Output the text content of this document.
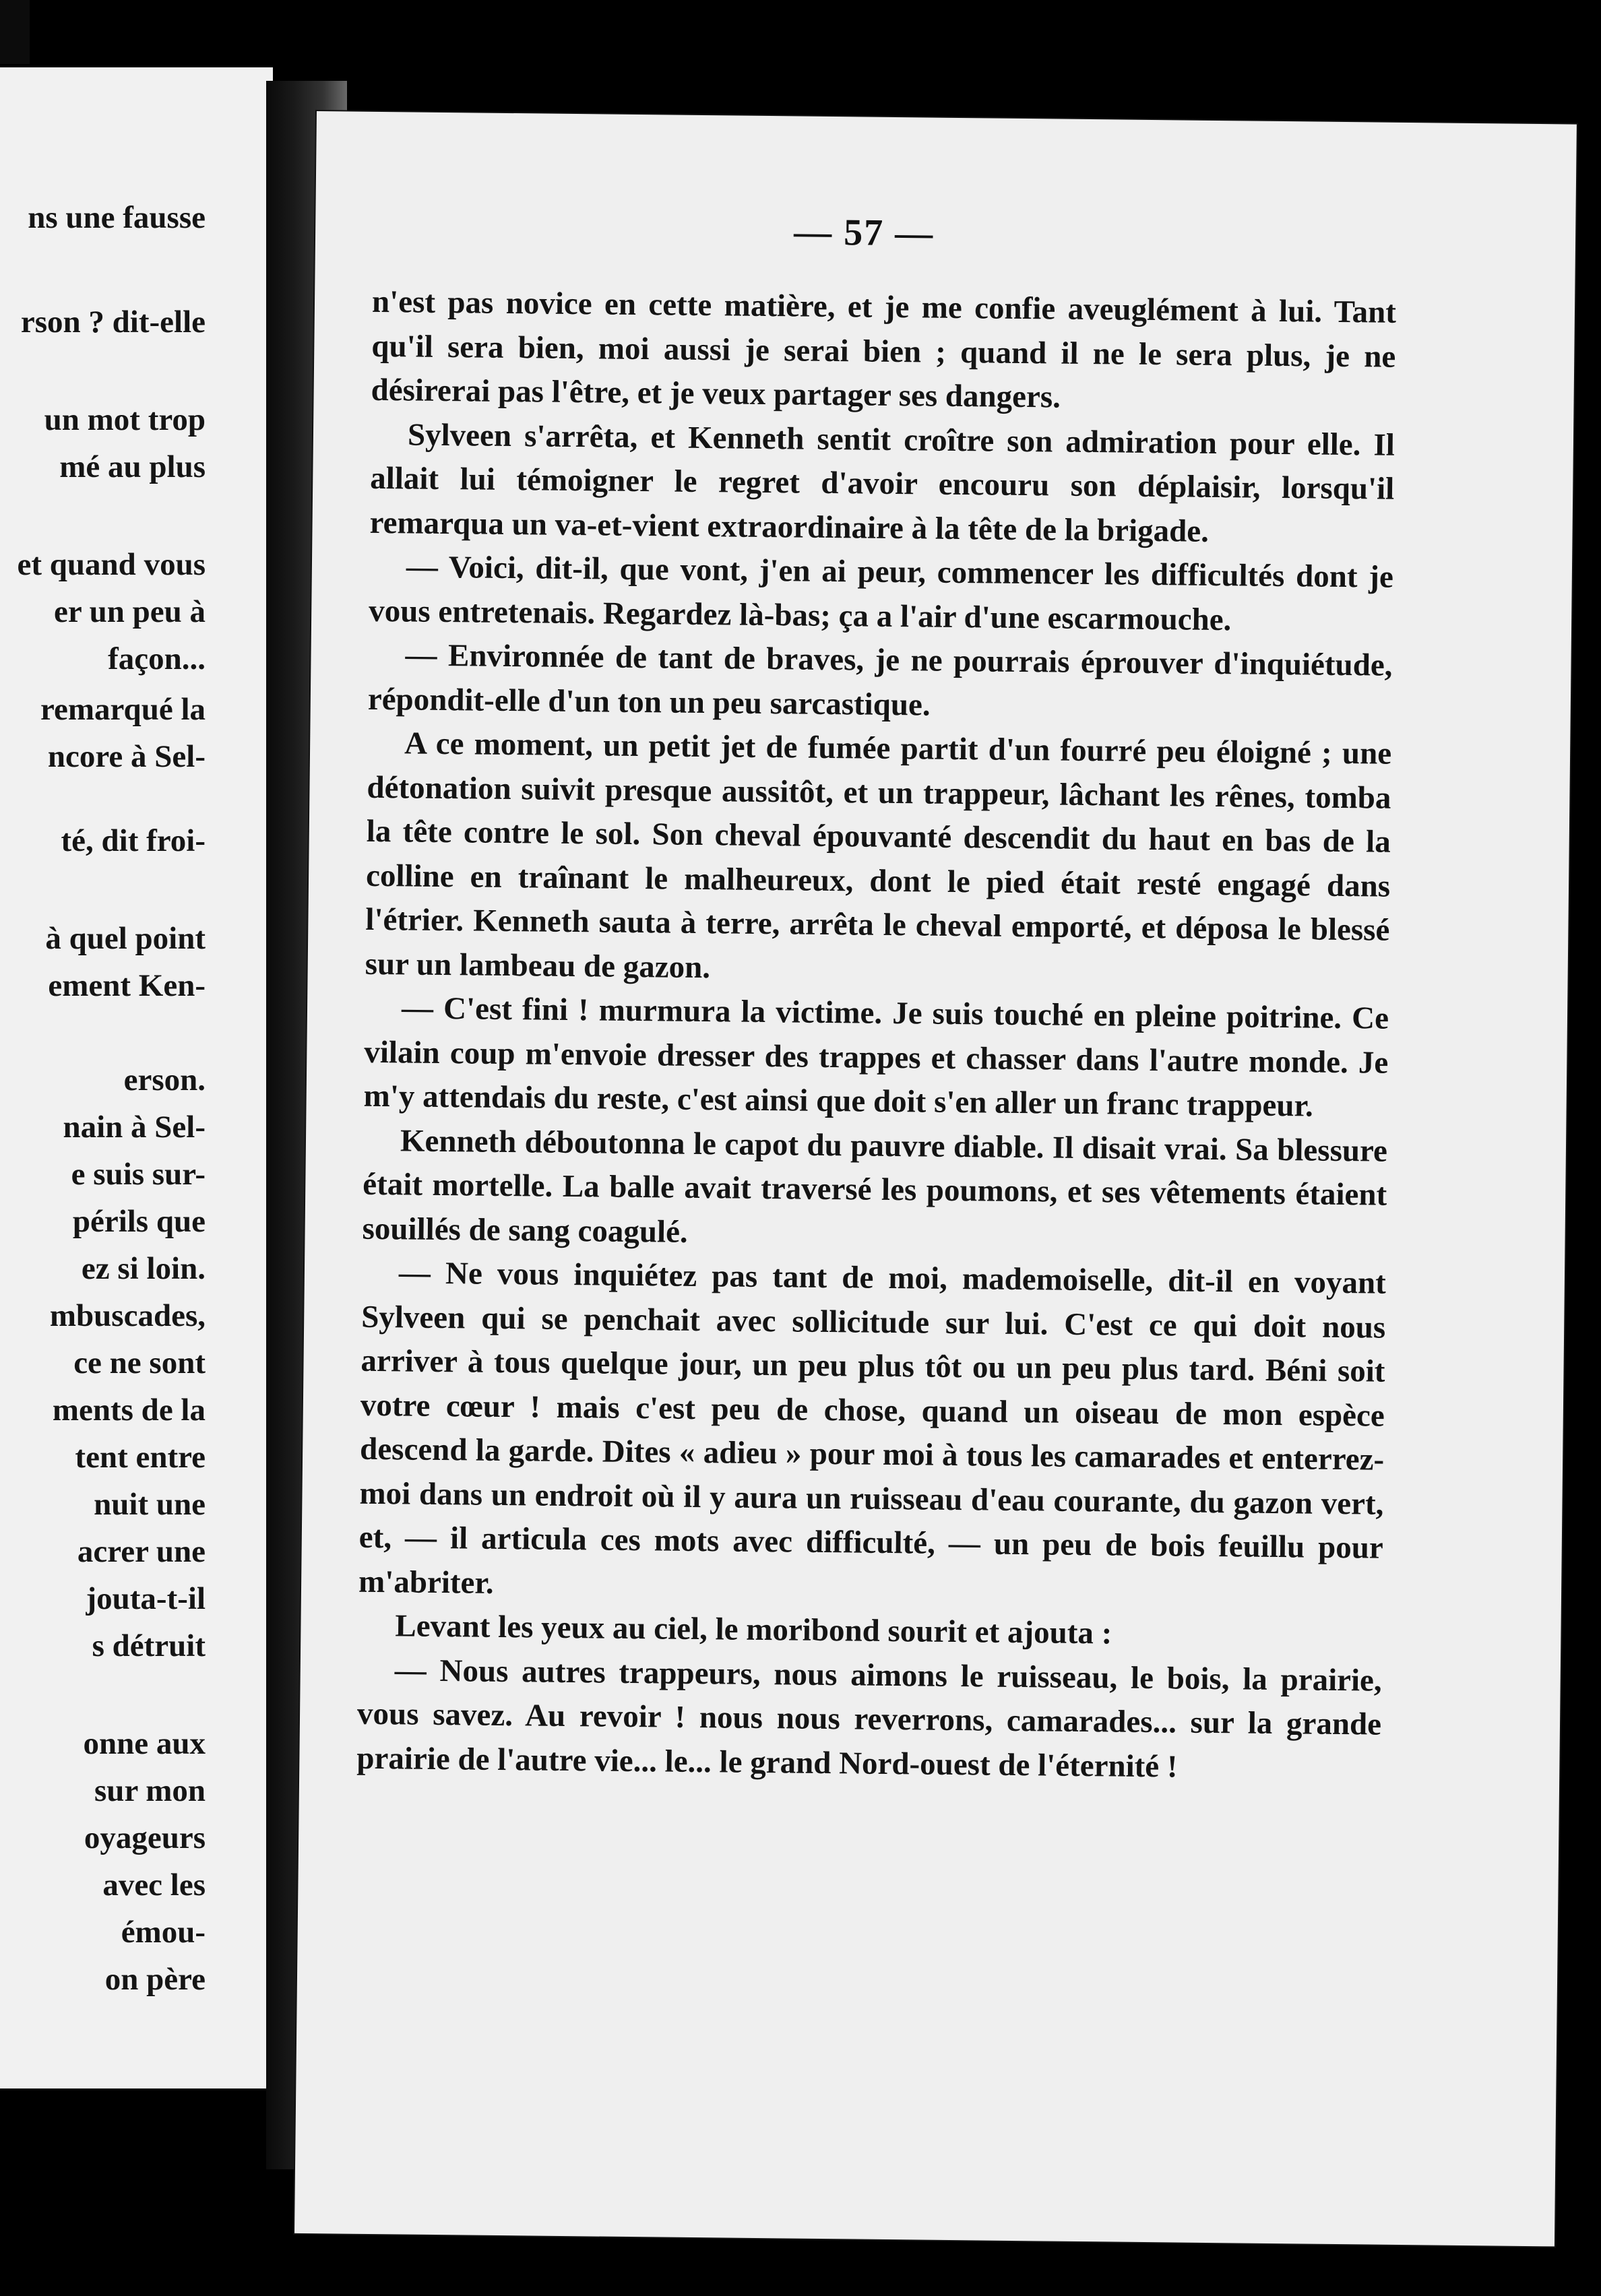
ns une fausse
rson ? dit-elle
un mot trop
mé au plus
et quand vous
er un peu à
façon...
remarqué la
ncore à Sel-
té, dit froi-
à quel point
ement Ken-
erson.
nain à Sel-
e suis sur-
périls que
ez si loin.
mbuscades,
ce ne sont
ments de la
tent entre
nuit une
acrer une
jouta-t-il
s détruit
onne aux
sur mon
oyageurs
avec les
émou-
on père
— 57 —

n'est pas novice en cette matière, et je me confie aveuglément à lui. Tant qu'il sera bien, moi aussi je serai bien ; quand il ne le sera plus, je ne désirerai pas l'être, et je veux partager ses dangers.

Sylveen s'arrêta, et Kenneth sentit croître son admiration pour elle. Il allait lui témoigner le regret d'avoir encouru son déplaisir, lorsqu'il remarqua un va-et-vient extraordinaire à la tête de la brigade.

— Voici, dit-il, que vont, j'en ai peur, commencer les difficultés dont je vous entretenais. Regardez là-bas; ça a l'air d'une escarmouche.

— Environnée de tant de braves, je ne pourrais éprouver d'inquiétude, répondit-elle d'un ton un peu sarcastique.

A ce moment, un petit jet de fumée partit d'un fourré peu éloigné ; une détonation suivit presque aussitôt, et un trappeur, lâchant les rênes, tomba la tête contre le sol. Son cheval épouvanté descendit du haut en bas de la colline en traînant le malheureux, dont le pied était resté engagé dans l'étrier. Kenneth sauta à terre, arrêta le cheval emporté, et déposa le blessé sur un lambeau de gazon.

— C'est fini ! murmura la victime. Je suis touché en pleine poitrine. Ce vilain coup m'envoie dresser des trappes et chasser dans l'autre monde. Je m'y attendais du reste, c'est ainsi que doit s'en aller un franc trappeur.

Kenneth déboutonna le capot du pauvre diable. Il disait vrai. Sa blessure était mortelle. La balle avait traversé les poumons, et ses vêtements étaient souillés de sang coagulé.

— Ne vous inquiétez pas tant de moi, mademoiselle, dit-il en voyant Sylveen qui se penchait avec sollicitude sur lui. C'est ce qui doit nous arriver à tous quelque jour, un peu plus tôt ou un peu plus tard. Béni soit votre cœur ! mais c'est peu de chose, quand un oiseau de mon espèce descend la garde. Dites « adieu » pour moi à tous les camarades et enterrez-moi dans un endroit où il y aura un ruisseau d'eau courante, du gazon vert, et, — il articula ces mots avec difficulté, — un peu de bois feuillu pour m'abriter.

Levant les yeux au ciel, le moribond sourit et ajouta :

— Nous autres trappeurs, nous aimons le ruisseau, le bois, la prairie, vous savez. Au revoir ! nous nous reverrons, camarades... sur la grande prairie de l'autre vie... le... le grand Nord-ouest de l'éternité !
